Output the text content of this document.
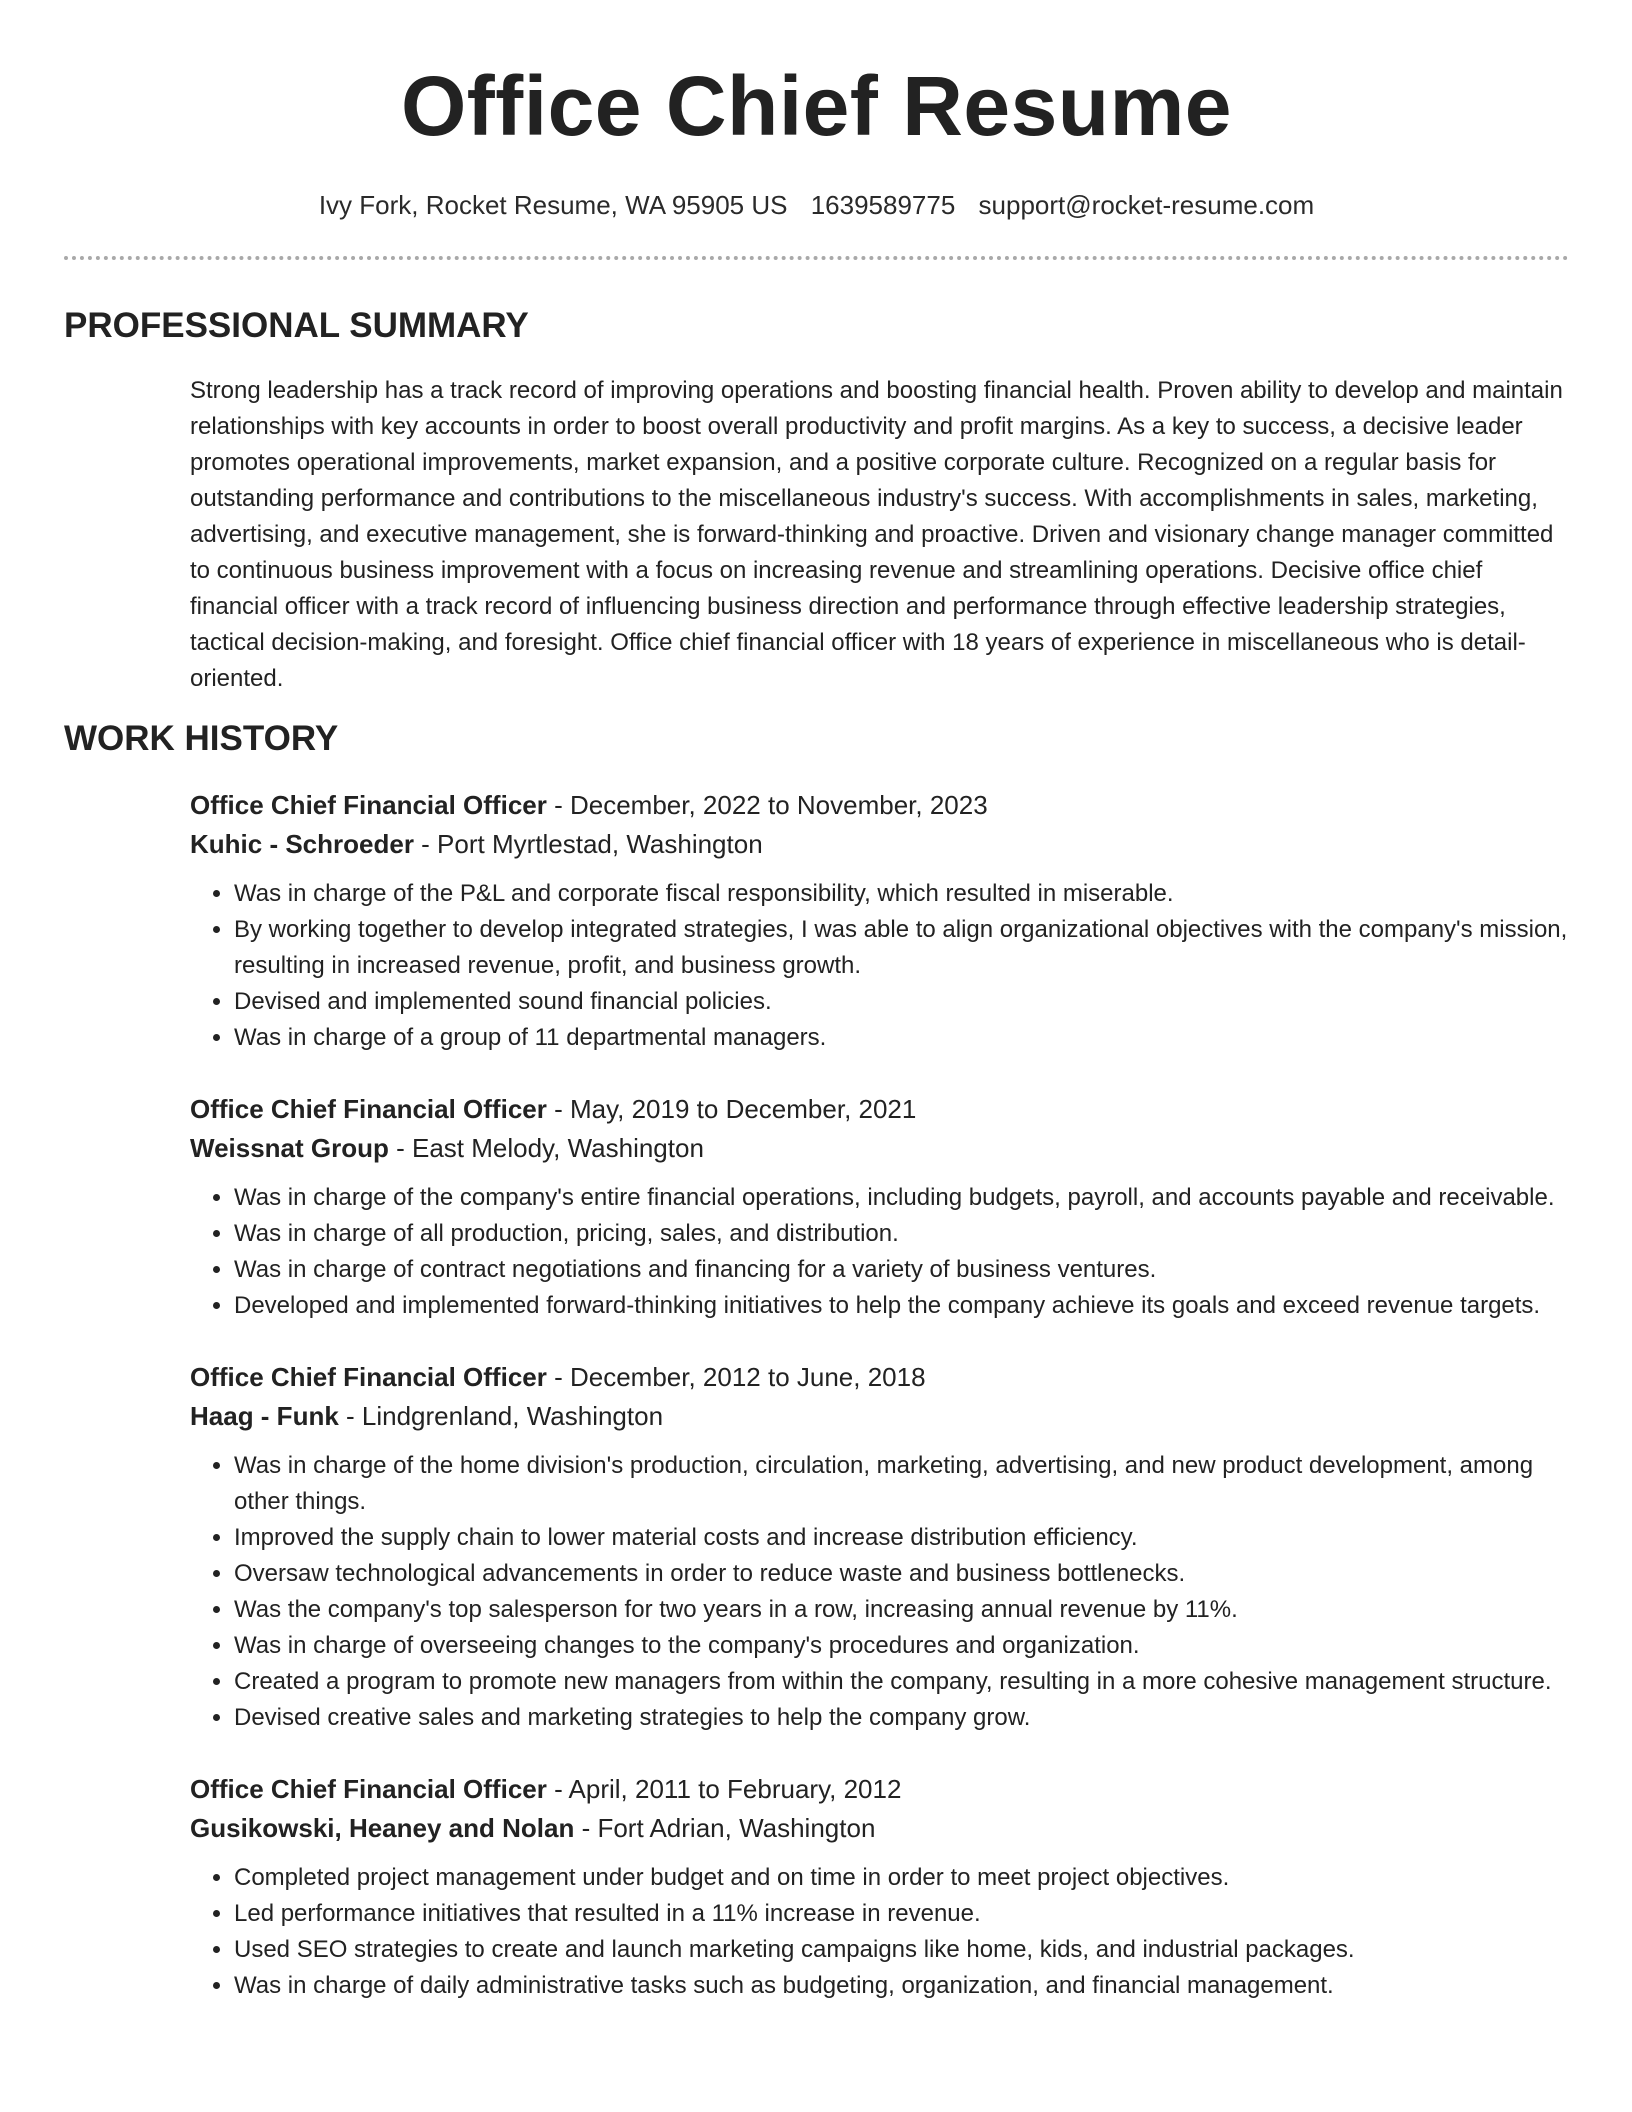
Office Chief Resume
Ivy Fork, Rocket Resume, WA 95905 US 1639589775 support@rocket-resume.com
PROFESSIONAL SUMMARY

Strong leadership has a track record of improving operations and boosting financial health. Proven ability to develop and maintain relationships with key accounts in order to boost overall productivity and profit margins. As a key to success, a decisive leader promotes operational improvements, market expansion, and a positive corporate culture. Recognized on a regular basis for outstanding performance and contributions to the miscellaneous industry's success. With accomplishments in sales, marketing, advertising, and executive management, she is forward-thinking and proactive. Driven and visionary change manager committed to continuous business improvement with a focus on increasing revenue and streamlining operations. Decisive office chief financial officer with a track record of influencing business direction and performance through effective leadership strategies, tactical decision-making, and foresight. Office chief financial officer with 18 years of experience in miscellaneous who is detail-oriented.

WORK HISTORY
Office Chief Financial Officer - December, 2022 to November, 2023
Kuhic - Schroeder - Port Myrtlestad, Washington
• Was in charge of the P&L and corporate fiscal responsibility, which resulted in miserable.
• By working together to develop integrated strategies, I was able to align organizational objectives with the company's mission, resulting in increased revenue, profit, and business growth.
• Devised and implemented sound financial policies.
• Was in charge of a group of 11 departmental managers.
Office Chief Financial Officer - May, 2019 to December, 2021
Weissnat Group - East Melody, Washington
• Was in charge of the company's entire financial operations, including budgets, payroll, and accounts payable and receivable.
• Was in charge of all production, pricing, sales, and distribution.
• Was in charge of contract negotiations and financing for a variety of business ventures.
• Developed and implemented forward-thinking initiatives to help the company achieve its goals and exceed revenue targets.
Office Chief Financial Officer - December, 2012 to June, 2018
Haag - Funk - Lindgrenland, Washington
• Was in charge of the home division's production, circulation, marketing, advertising, and new product development, among other things.
• Improved the supply chain to lower material costs and increase distribution efficiency.
• Oversaw technological advancements in order to reduce waste and business bottlenecks.
• Was the company's top salesperson for two years in a row, increasing annual revenue by 11%.
• Was in charge of overseeing changes to the company's procedures and organization.
• Created a program to promote new managers from within the company, resulting in a more cohesive management structure.
• Devised creative sales and marketing strategies to help the company grow.
Office Chief Financial Officer - April, 2011 to February, 2012
Gusikowski, Heaney and Nolan - Fort Adrian, Washington
• Completed project management under budget and on time in order to meet project objectives.
• Led performance initiatives that resulted in a 11% increase in revenue.
• Used SEO strategies to create and launch marketing campaigns like home, kids, and industrial packages.
• Was in charge of daily administrative tasks such as budgeting, organization, and financial management.
